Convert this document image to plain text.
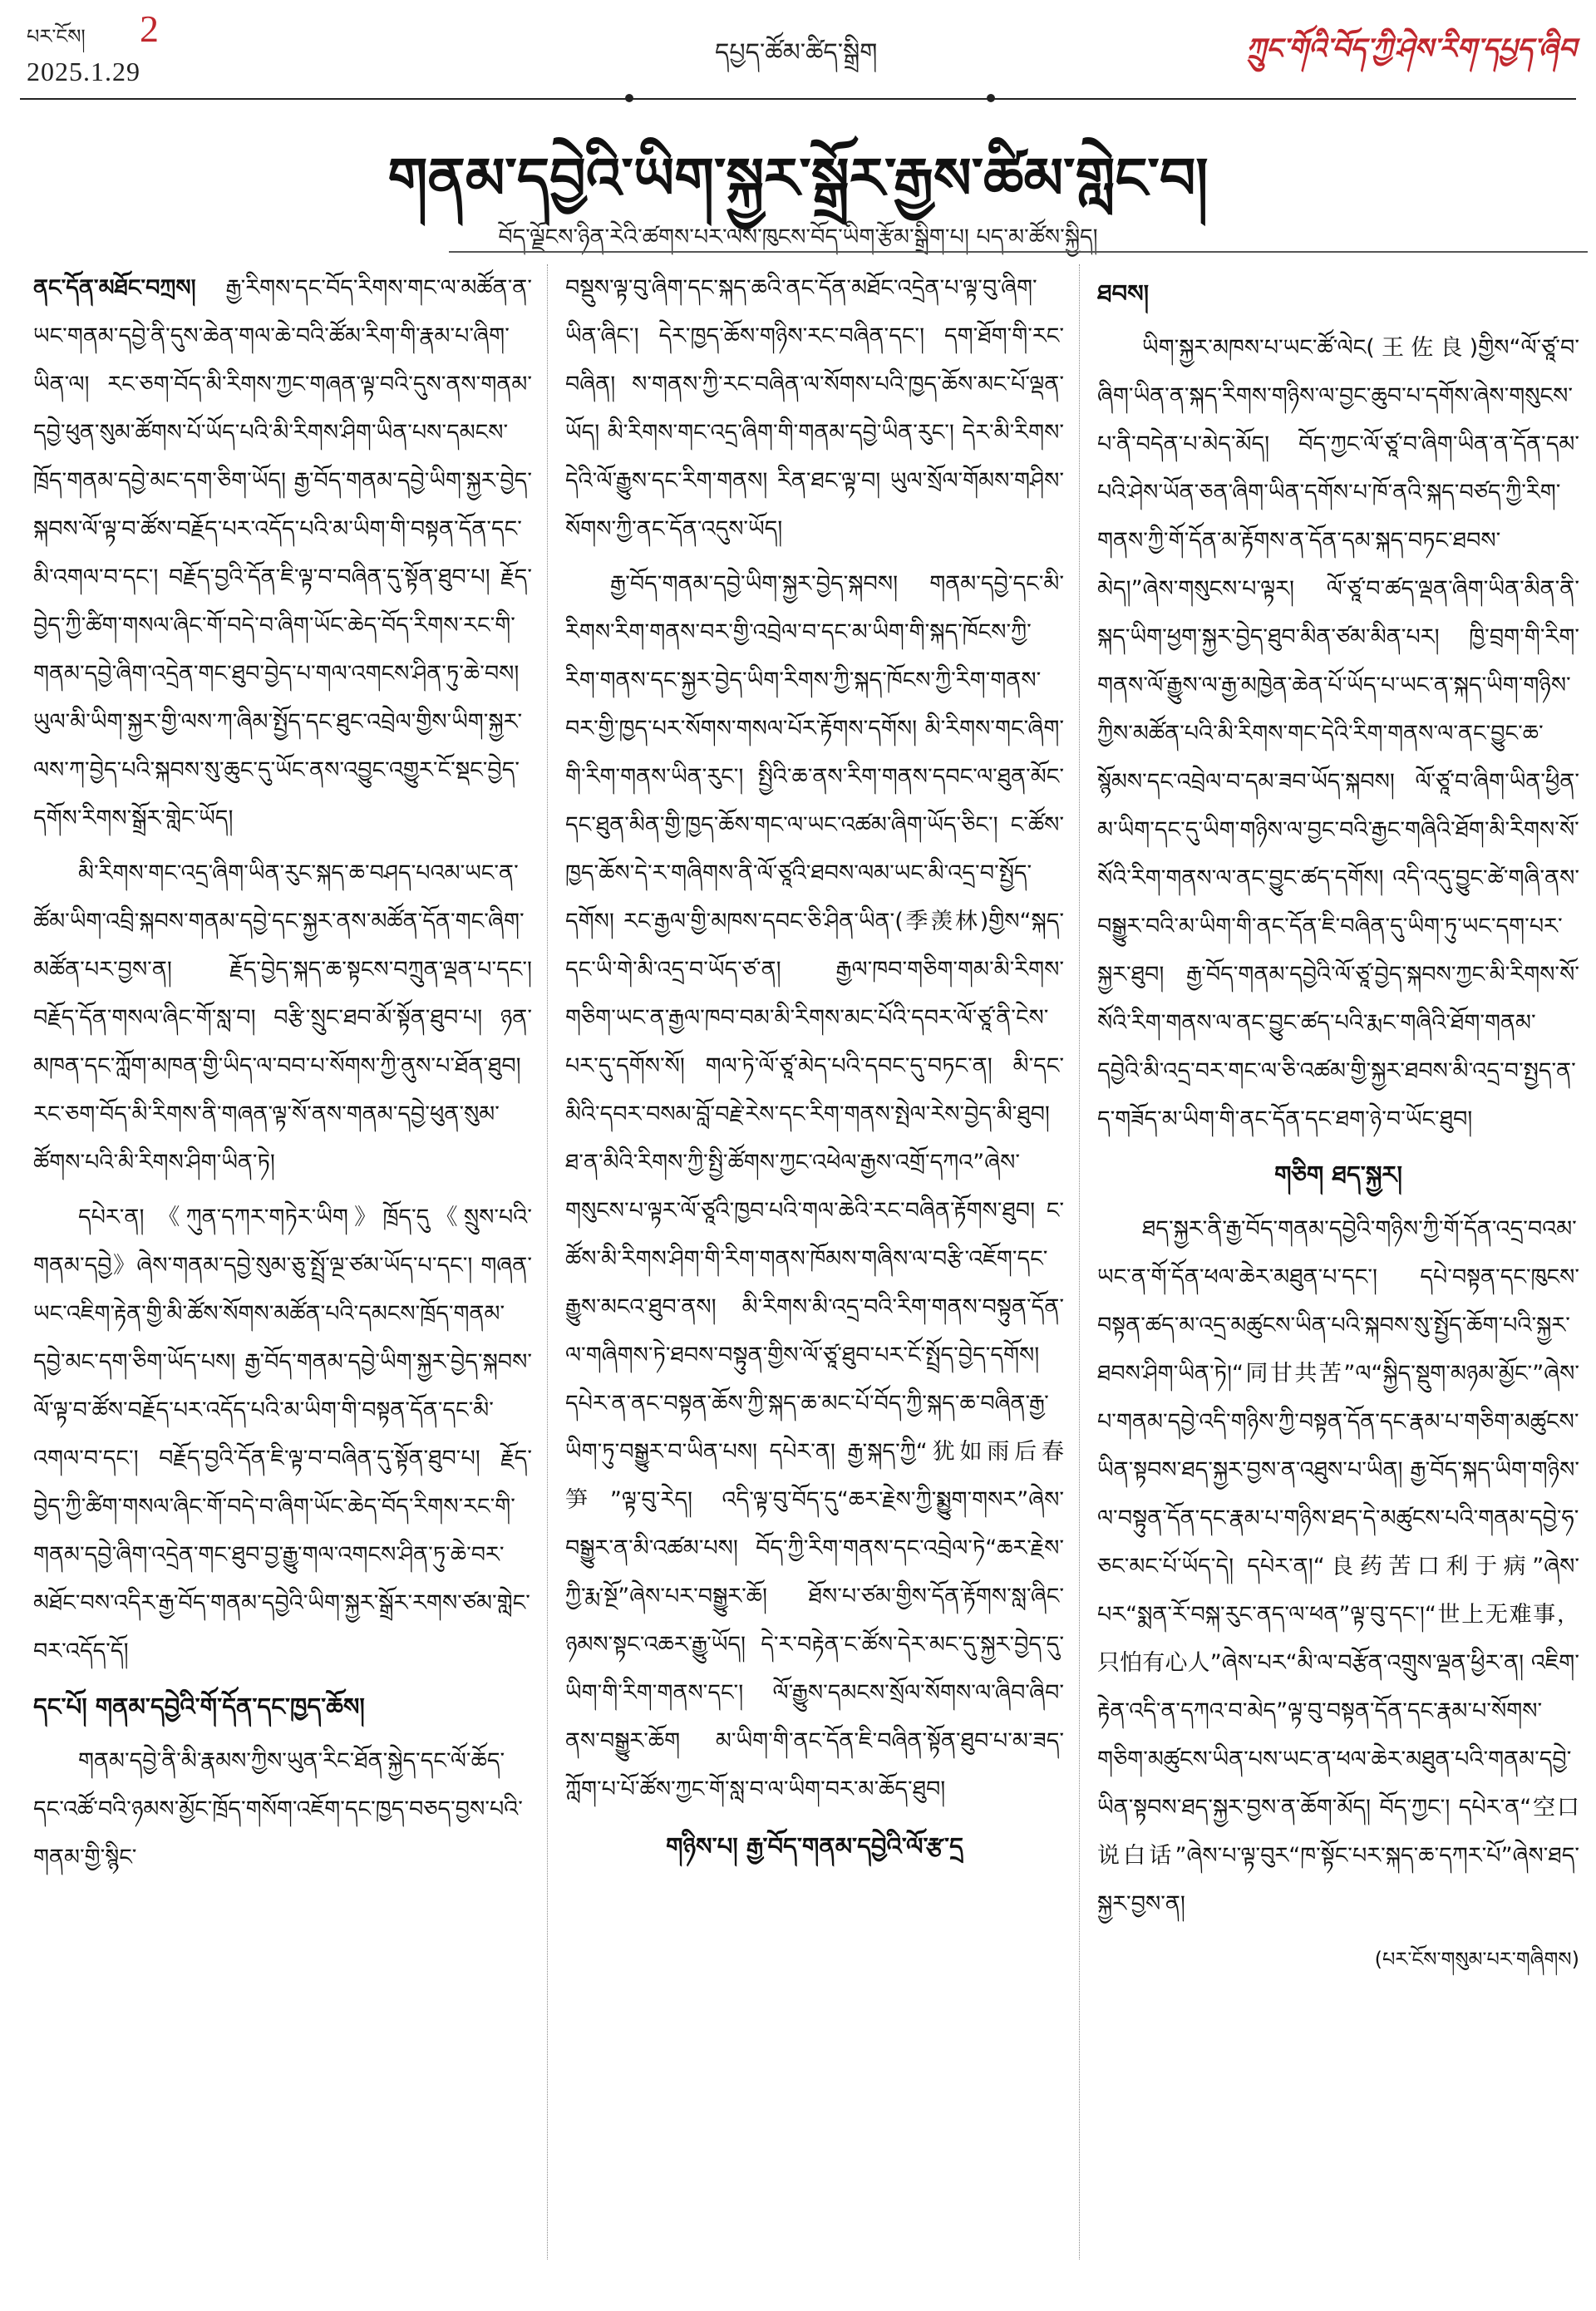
པར་ངོས། 2
2025.1.29
དཔྱད་ཚོམ་ཚིད་སྒྲིག	ཀྲུང་གོའི་བོད་ཀྱི་ཤེས་རིག་དཔྱད་ཞིབ
གནམ་དབྱེའི་ཡིག་སྐྱར་སྒྲོར་རྒྱས་ཚིམ་གླེང་བ།
བོད་ལྗོངས་ཉིན་རེའི་ཚགས་པར་ལས་ཁུངས་བོད་ཡིག་རྩོམ་སྒྲིག་པ། པད་མ་ཚོས་སྐྱིད།

ནང་དོན་མཐོང་བཀྲས། རྒྱ་རིགས་དང་བོད་རིགས་གང་ལ་མཚོན་ན་ཡང་གནམ་དབྱེ་ནི་དུས་ཆེན་གལ་ཆེ་བའི་ཚོམ་རིག་གི་རྣམ་པ་ཞིག་ཡིན་ལ། རང་ཅག་བོད་མི་རིགས་ཀྱང་གཞན་ལྟ་བའི་དུས་ནས་གནམ་དབྱེ་ཕུན་སུམ་ཚོགས་པོ་ཡོད་པའི་མི་རིགས་ཤིག་ཡིན་པས་དམངས་ཁྲོད་གནམ་དབྱེ་མང་དག་ཅིག་ཡོད། རྒྱ་བོད་གནམ་དབྱེ་ཡིག་སྐྱར་བྱེད་སྐབས་ལོ་ལྟ་བ་ཚོས་བརྗོད་པར་འདོད་པའི་མ་ཡིག་གི་བསྟན་དོན་དང་མི་འགལ་བ་དང་། བརྗོད་བྱའི་དོན་ཇི་ལྟ་བ་བཞིན་དུ་སྟོན་ཐུབ་པ། རྗོད་བྱེད་ཀྱི་ཚིག་གསལ་ཞིང་གོ་བདེ་བ་ཞིག་ཡོང་ཆེད་བོད་རིགས་རང་གི་གནམ་དབྱེ་ཞིག་འདྲེན་གང་ཐུབ་བྱེད་པ་གལ་འགངས་ཤིན་ཏུ་ཆེ་བས། ཡུལ་མི་ཡིག་སྐྱར་གྱི་ལས་ཀ་ཞིམ་སྤྱོད་དང་ཐུང་འབྲེལ་གྱིས་ཡིག་སྐྱར་ལས་ཀ་བྱེད་པའི་སྐབས་སུ་ཆུང་དུ་ཡོང་ནས་འབྱུང་འགྱུར་ངོ་སྡང་བྱེད་དགོས་རིགས་སྒྲོར་གླེང་ཡོད།

མི་རིགས་གང་འདྲ་ཞིག་ཡིན་རུང་སྐད་ཆ་བཤད་པའམ་ཡང་ན་ཚོམ་ཡིག་འབྲི་སྐབས་གནམ་དབྱེ་དང་སྐྱར་ནས་མཚོན་དོན་གང་ཞིག་མཚོན་པར་བྱས་ན། རྗོད་བྱེད་སྐད་ཆ་སྟངས་བཀྲུན་ལྡན་པ་དང་། བརྗོད་དོན་གསལ་ཞིང་གོ་སླ་བ། བརྩི་སྲུང་ཐབ་མོ་སྟོན་ཐུབ་པ། ཉན་མཁན་དང་ཀློག་མཁན་གྱི་ཡིད་ལ་བབ་པ་སོགས་ཀྱི་ནུས་པ་ཐོན་ཐུབ། རང་ཅག་བོད་མི་རིགས་ནི་གཞན་ལྟ་སོ་ནས་གནམ་དབྱེ་ཕུན་སུམ་ཚོགས་པའི་མི་རིགས་ཤིག་ཡིན་ཏེ།

དཔེར་ན། 《ཀུན་དཀར་གཏེར་ཡིག》ཁྲོད་དུ《སྲུས་པའི་གནམ་དབྱེ》ཞེས་གནམ་དབྱེ་སུམ་ཅུ་སྤྲོ་ལྔ་ཙམ་ཡོད་པ་དང་། གཞན་ཡང་འཇིག་རྟེན་གྱི་མི་ཚོས་སོགས་མཚོན་པའི་དམངས་ཁྲོད་གནམ་དབྱེ་མང་དག་ཅིག་ཡོད་པས། རྒྱ་བོད་གནམ་དབྱེ་ཡིག་སྐྱར་བྱེད་སྐབས་ལོ་ལྟ་བ་ཚོས་བརྗོད་པར་འདོད་པའི་མ་ཡིག་གི་བསྟན་དོན་དང་མི་འགལ་བ་དང་། བརྗོད་བྱའི་དོན་ཇི་ལྟ་བ་བཞིན་དུ་སྟོན་ཐུབ་པ། རྗོད་བྱེད་ཀྱི་ཚིག་གསལ་ཞིང་གོ་བདེ་བ་ཞིག་ཡོང་ཆེད་བོད་རིགས་རང་གི་གནམ་དབྱེ་ཞིག་འདྲེན་གང་ཐུབ་བྱ་རྒྱུ་གལ་འགངས་ཤིན་ཏུ་ཆེ་བར་མཐོང་བས་འདིར་རྒྱ་བོད་གནམ་དབྱེའི་ཡིག་སྐྱར་སྒྲོར་རགས་ཙམ་གླེང་བར་འདོད་དོ།

དང་པོ། གནམ་དབྱེའི་གོ་དོན་དང་ཁྱད་ཆོས།

གནམ་དབྱེ་ནི་མི་རྣམས་ཀྱིས་ཡུན་རིང་ཐོན་སྐྱེད་དང་ལོ་ཆོད་དང་འཚོ་བའི་ཉམས་མྱོང་ཁྲོད་གསོག་འཇོག་དང་ཁྱད་བཅད་བྱས་པའི་གནམ་གྱི་སྙིང་

བསྡུས་ལྟ་བུ་ཞིག་དང་སྐད་ཆའི་ནང་དོན་མཐོང་འདྲེན་པ་ལྟ་བུ་ཞིག་ཡིན་ཞིང་། དེར་ཁྱད་ཆོས་གཉིས་རང་བཞིན་དང་། དག་ཐོག་གི་རང་བཞིན། ས་གནས་ཀྱི་རང་བཞིན་ལ་སོགས་པའི་ཁྱད་ཆོས་མང་པོ་ལྡན་ཡོད། མི་རིགས་གང་འདྲ་ཞིག་གི་གནམ་དབྱེ་ཡིན་རུང་། དེར་མི་རིགས་དེའི་ལོ་རྒྱུས་དང་རིག་གནས། རིན་ཐང་ལྟ་བ། ཡུལ་སྲོལ་གོམས་གཤིས་སོགས་ཀྱི་ནང་དོན་འདུས་ཡོད།

རྒྱ་བོད་གནམ་དབྱེ་ཡིག་སྐྱར་བྱེད་སྐབས། གནམ་དབྱེ་དང་མི་རིགས་རིག་གནས་བར་གྱི་འབྲེལ་བ་དང་མ་ཡིག་གི་སྐད་ཁོངས་ཀྱི་རིག་གནས་དང་སྐྱར་བྱེད་ཡིག་རིགས་ཀྱི་སྐད་ཁོངས་ཀྱི་རིག་གནས་བར་གྱི་ཁྱད་པར་སོགས་གསལ་པོར་རྟོགས་དགོས། མི་རིགས་གང་ཞིག་གི་རིག་གནས་ཡིན་རུང་། སྤྱིའི་ཆ་ནས་རིག་གནས་དབང་ལ་ཐུན་མོང་དང་ཐུན་མིན་གྱི་ཁྱད་ཆོས་གང་ལ་ཡང་འཚམ་ཞིག་ཡོད་ཅིང་། ང་ཚོས་ཁྱད་ཆོས་དེ་ར་གཞིགས་ནི་ལོ་ཙཱའི་ཐབས་ལམ་ཡང་མི་འདྲ་བ་སྤྱོད་དགོས། རང་རྒྱལ་གྱི་མཁས་དབང་ཅི་ཤིན་ཡིན་(季羡林)གྱིས“སྐད་དང་ཡི་གེ་མི་འདྲ་བ་ཡོད་ཙ་ན། རྒྱལ་ཁབ་གཅིག་གམ་མི་རིགས་གཅིག་ཡང་ན་རྒྱལ་ཁབ་བམ་མི་རིགས་མང་པོའི་དབར་ལོ་ཙཱ་ནི་ངེས་པར་དུ་དགོས་སོ། གལ་ཏེ་ལོ་ཙཱ་མེད་པའི་དབང་དུ་བཏང་ན། མི་དང་མིའི་དབར་བསམ་བློ་བརྗེ་རེས་དང་རིག་གནས་སྤེལ་རེས་བྱེད་མི་ཐུབ། ཐ་ན་མིའི་རིགས་ཀྱི་སྤྱི་ཚོགས་ཀྱང་འཕེལ་རྒྱས་འགྲོ་དཀའ”ཞེས་གསུངས་པ་ལྟར་ལོ་ཙཱའི་ཁྱབ་པའི་གལ་ཆེའི་རང་བཞིན་རྟོགས་ཐུབ། ང་ཚོས་མི་རིགས་ཤིག་གི་རིག་གནས་ཁོམས་གཞིས་ལ་བརྩི་འཇོག་དང་རྒྱུས་མངའ་ཐུབ་ནས། མི་རིགས་མི་འདྲ་བའི་རིག་གནས་བསྟུན་དོན་ལ་གཞིགས་ཏེ་ཐབས་བསྟུན་གྱིས་ལོ་ཙཱ་ཐུབ་པར་ངོ་སྤྲོད་བྱེད་དགོས། དཔེར་ན་ནང་བསྟན་ཆོས་ཀྱི་སྐད་ཆ་མང་པོ་བོད་ཀྱི་སྐད་ཆ་བཞིན་རྒྱ་ཡིག་ཏུ་བསྒྱུར་བ་ཡིན་པས། དཔེར་ན། རྒྱ་སྐད་ཀྱི“犹如雨后春笋”ལྟ་བུ་རེད། འདི་ལྟ་བུ་བོད་དུ“ཆར་རྗེས་ཀྱི་སྨྱུག་གསར”ཞེས་བསྒྱུར་ན་མི་འཚམ་པས། བོད་ཀྱི་རིག་གནས་དང་འབྲེལ་ཏེ“ཆར་རྗེས་ཀྱི་རྨ་སྔོ”ཞེས་པར་བསྒྱུར་ཆོ། ཐོས་པ་ཙམ་གྱིས་དོན་རྟོགས་སླ་ཞིང་ཉམས་སྟང་འཆར་རྒྱུ་ཡོད། དེ་ར་བརྟེན་ང་ཚོས་དེར་མང་དུ་སྐྱར་བྱེད་དུ་ཡིག་གི་རིག་གནས་དང་། ལོ་རྒྱུས་དམངས་སྲོལ་སོགས་ལ་ཞིབ་ཞིབ་ནས་བསྒྱུར་ཆོག མ་ཡིག་གི་ནང་དོན་ཇི་བཞིན་སྟོན་ཐུབ་པ་མ་ཟད་ཀློག་པ་པོ་ཚོས་ཀྱང་གོ་སླ་བ་ལ་ཡིག་བར་མ་ཆོད་ཐུབ།

གཉིས་པ། རྒྱ་བོད་གནམ་དབྱེའི་ལོ་རྩ་དྲ
ཐབས།

ཡིག་སྐྱར་མཁས་པ་ཡང་ཚོ་ལེང(王佐良)གྱིས“ལོ་ཙཱ་བ་ཞིག་ཡིན་ན་སྐད་རིགས་གཉིས་ལ་བྱང་ཆུབ་པ་དགོས་ཞེས་གསུངས་པ་ནི་བདེན་པ་མེད་མོད། བོད་ཀྱང་ལོ་ཙཱ་བ་ཞིག་ཡིན་ན་དོན་དམ་པའི་ཤེས་ཡོན་ཅན་ཞིག་ཡིན་དགོས་པ་ཁོ་ནའི་སྐད་བཙད་ཀྱི་རིག་གནས་ཀྱི་གོ་དོན་མ་རྟོགས་ན་དོན་དམ་སྐད་བཏང་ཐབས་མེད།”ཞེས་གསུངས་པ་ལྟར། ལོ་ཙཱ་བ་ཚད་ལྡན་ཞིག་ཡིན་མིན་ནི་སྐད་ཡིག་ཕྱག་སྐྱར་བྱེད་ཐུབ་མིན་ཙམ་མིན་པར། ཁྱི་བྲག་གི་རིག་གནས་ལོ་རྒྱུས་ལ་རྒྱ་མཁྱེན་ཆེན་པོ་ཡོད་པ་ཡང་ན་སྐད་ཡིག་གཉིས་ཀྱིས་མཚོན་པའི་མི་རིགས་གང་དེའི་རིག་གནས་ལ་ནང་བྱུང་ཆ་སྙོམས་དང་འབྲེལ་བ་དམ་ཟབ་ཡོད་སྐབས། ལོ་ཙཱ་བ་ཞིག་ཡིན་ཕྱིན་མ་ཡིག་དང་དུ་ཡིག་གཉིས་ལ་བྱང་བའི་རྒྱང་གཞིའི་ཐོག་མི་རིགས་སོ་སོའི་རིག་གནས་ལ་ནང་བྱུང་ཚད་དགོས། འདི་འདུ་བྱུང་ཚེ་གཞི་ནས་བསྒྱུར་བའི་མ་ཡིག་གི་ནང་དོན་ཇི་བཞིན་དུ་ཡིག་ཏུ་ཡང་དག་པར་སྐྱར་ཐུབ། རྒྱ་བོད་གནམ་དབྱེའི་ལོ་ཙཱ་བྱེད་སྐབས་ཀྱང་མི་རིགས་སོ་སོའི་རིག་གནས་ལ་ནང་བྱུང་ཚད་པའི་རྨང་གཞིའི་ཐོག་གནམ་དབྱེའི་མི་འདྲ་བར་གང་ལ་ཅི་འཚམ་གྱི་སྐྱར་ཐབས་མི་འདྲ་བ་སྤྱད་ན་ད་གཟོད་མ་ཡིག་གི་ནང་དོན་དང་ཐག་ཉེ་བ་ཡོང་ཐུབ།

གཅིག ཐད་སྐྱར།

ཐད་སྐྱར་ནི་རྒྱ་བོད་གནམ་དབྱེའི་གཉིས་ཀྱི་གོ་དོན་འདྲ་བའམ་ཡང་ན་གོ་དོན་ཕལ་ཆེར་མཐུན་པ་དང་། དཔེ་བསྟན་དང་ཁུངས་བསྟན་ཚད་མ་འདྲ་མཚུངས་ཡིན་པའི་སྐབས་སུ་སྤྱོད་ཆོག་པའི་སྐྱར་ཐབས་ཤིག་ཡིན་ཏེ།“同甘共苦”ལ“སྐྱིད་སྡུག་མཉམ་མྱོང་”ཞེས་པ་གནམ་དབྱེ་འདི་གཉིས་ཀྱི་བསྟན་དོན་དང་རྣམ་པ་གཅིག་མཚུངས་ཡིན་སྟབས་ཐད་སྐྱར་བྱས་ན་འཐུས་པ་ཡིན། རྒྱ་བོད་སྐད་ཡིག་གཉིས་ལ་བསྟུན་དོན་དང་རྣམ་པ་གཉིས་ཐད་དེ་མཚུངས་པའི་གནམ་དབྱེ་ཧ་ཅང་མང་པོ་ཡོད་དེ། དཔེར་ན།“良药苦口利于病”ཞེས་པར“སྨན་རོ་བསྐ་རུང་ནད་ལ་ཕན”ལྟ་བུ་དང་།“世上无难事，只怕有心人”ཞེས་པར“མི་ལ་བརྩོན་འགྲུས་ལྡན་ཕྱིར་ན། འཇིག་རྟེན་འདི་ན་དཀའ་བ་མེད”ལྟ་བུ་བསྟན་དོན་དང་རྣམ་པ་སོགས་གཅིག་མཚུངས་ཡིན་པས་ཡང་ན་ཕལ་ཆེར་མཐུན་པའི་གནམ་དབྱེ་ཡིན་སྟབས་ཐད་སྐྱར་བྱས་ན་ཆོག་མོད། བོད་ཀྱང་། དཔེར་ན“空口说白话”ཞེས་པ་ལྟ་བུར“ཁ་སྟོང་པར་སྐད་ཆ་དཀར་པོ”ཞེས་ཐད་སྐྱར་བྱས་ན།

(པར་ངོས་གསུམ་པར་གཞིགས)
